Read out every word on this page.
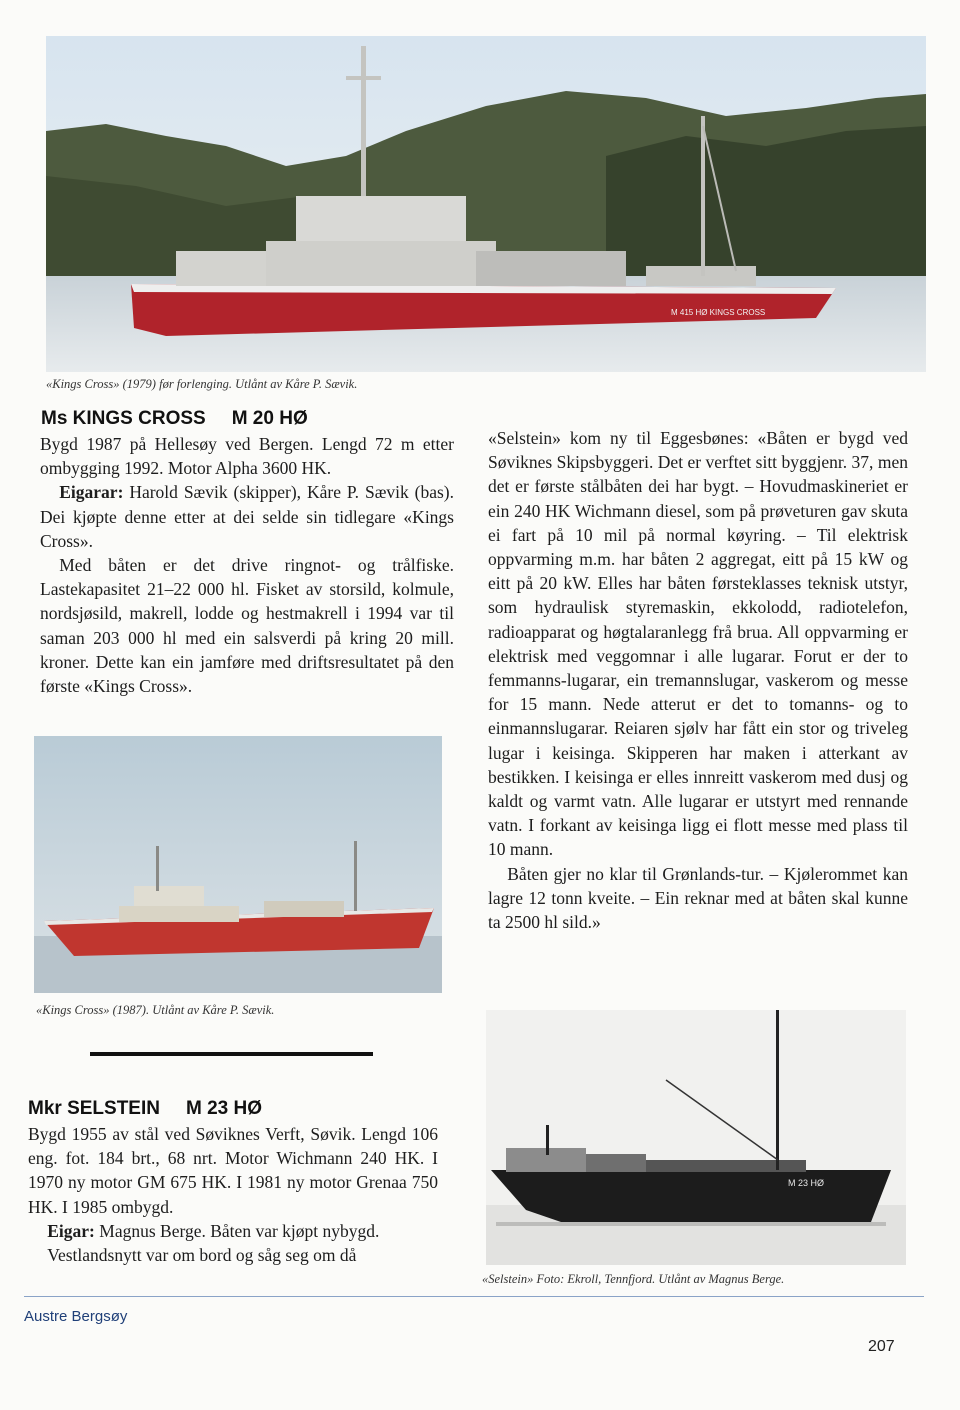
M 415 HØ KINGS CROSS
«Kings Cross» (1979) før forlenging. Utlånt av Kåre P. Sævik.
Ms KINGS CROSS M 20 HØ

Bygd 1987 på Hellesøy ved Bergen. Lengd 72 m etter ombygging 1992. Motor Alpha 3600 HK.

Eigarar: Harold Sævik (skipper), Kåre P. Sævik (bas). Dei kjøpte denne etter at dei selde sin tidlegare «Kings Cross».

Med båten er det drive ringnot- og trålfiske. Lastekapasitet 21–22 000 hl. Fisket av storsild, kolmule, nordsjøsild, makrell, lodde og hestmakrell i 1994 var til saman 203 000 hl med ein salsverdi på kring 20 mill. kroner. Dette kan ein jamføre med driftsresultatet på den første «Kings Cross».

«Kings Cross» (1987). Utlånt av Kåre P. Sævik.
Mkr SELSTEIN M 23 HØ

Bygd 1955 av stål ved Søviknes Verft, Søvik. Lengd 106 eng. fot. 184 brt., 68 nrt. Motor Wichmann 240 HK. I 1970 ny motor GM 675 HK. I 1981 ny motor Grenaa 750 HK. I 1985 ombygd.

Eigar: Magnus Berge. Båten var kjøpt nybygd.

Vestlandsnytt var om bord og såg seg om då

«Selstein» kom ny til Eggesbønes: «Båten er bygd ved Søviknes Skipsbyggeri. Det er verftet sitt byggjenr. 37, men det er første stålbåten dei har bygt. – Hovudmaskineriet er ein 240 HK Wichmann diesel, som på prøveturen gav skuta ei fart på 10 mil på normal køyring. – Til elektrisk oppvarming m.m. har båten 2 aggregat, eitt på 15 kW og eitt på 20 kW. Elles har båten førsteklasses teknisk utstyr, som hydraulisk styremaskin, ekkolodd, radiotelefon, radioapparat og høgtalaranlegg frå brua. All oppvarming er elektrisk med veggomnar i alle lugarar. Forut er der to femmanns-lugarar, ein tremannslugar, vaskerom og messe for 15 mann. Nede atterut er det to tomanns- og to einmannslugarar. Reiaren sjølv har fått ein stor og triveleg lugar i keisinga. Skipperen har maken i atterkant av bestikken. I keisinga er elles innreitt vaskerom med dusj og kaldt og varmt vatn. Alle lugarar er utstyrt med rennande vatn. I forkant av keisinga ligg ei flott messe med plass til 10 mann.

Båten gjer no klar til Grønlands-tur. – Kjølerommet kan lagre 12 tonn kveite. – Ein reknar med at båten skal kunne ta 2500 hl sild.»

M 23 HØ
«Selstein» Foto: Ekroll, Tennfjord. Utlånt av Magnus Berge.
Austre Bergsøy
207
